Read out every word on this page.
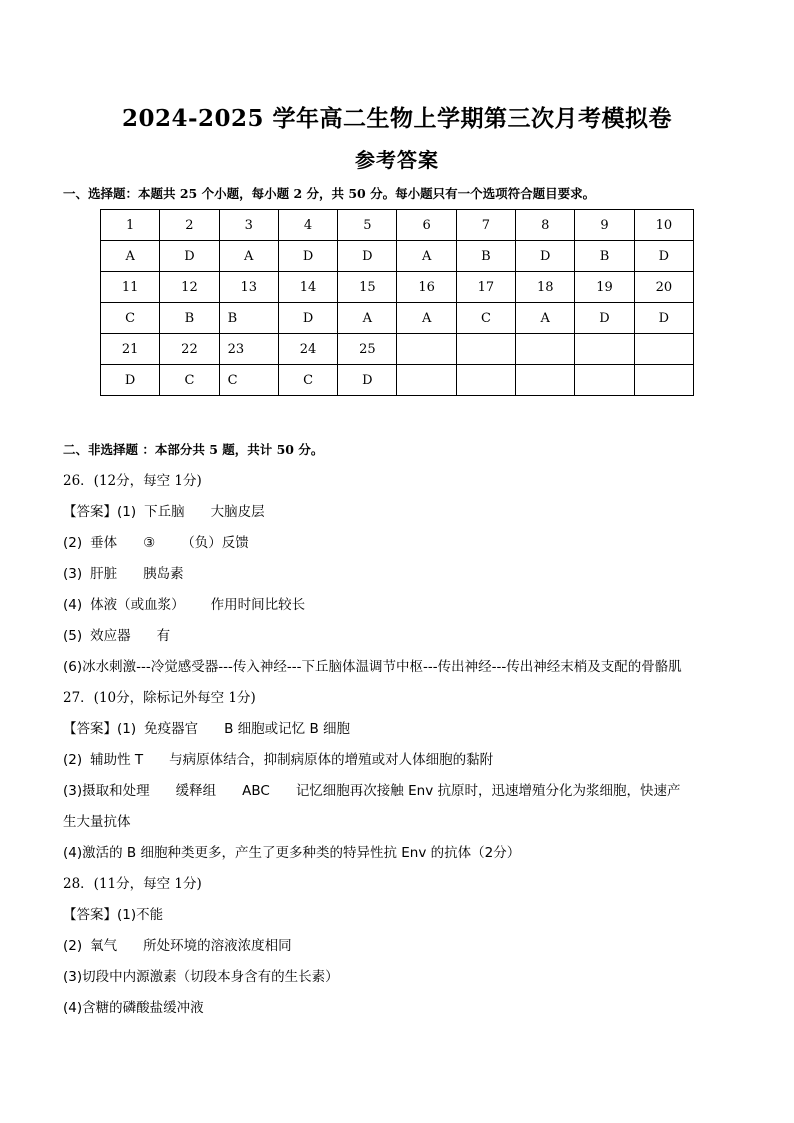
2024-2025 学年高二生物上学期第三次月考模拟卷
参考答案
一、选择题：本题共 25 个小题，每小题 2 分，共 50 分。每小题只有一个选项符合题目要求。
1	2	3	4	5	6	7	8	9	10
A	D	A	D	D	A	B	D	B	D
11	12	13	14	15	16	17	18	19	20
C	B	B	D	A	A	C	A	D	D
21	22	23	24	25					
D	C	C	C	D					
二、非选择题 ：本部分共 5 题，共计 50 分。
26．(12分，每空 1分)
【答案】(1) 下丘脑 大脑皮层
(2) 垂体 ③ （负）反馈
(3) 肝脏 胰岛素
(4) 体液（或血浆） 作用时间比较长
(5) 效应器 有
(6)冰水刺激---冷觉感受器---传入神经---下丘脑体温调节中枢---传出神经---传出神经末梢及支配的骨骼肌
27．(10分，除标记外每空 1分)
【答案】(1) 免疫器官 B 细胞或记忆 B 细胞
(2) 辅助性 T 与病原体结合，抑制病原体的增殖或对人体细胞的黏附
(3)摄取和处理 缓释组 ABC 记忆细胞再次接触 Env 抗原时，迅速增殖分化为浆细胞，快速产
生大量抗体
(4)激活的 B 细胞种类更多，产生了更多种类的特异性抗 Env 的抗体（2分）
28．(11分，每空 1分)
【答案】(1)不能
(2) 氧气 所处环境的溶液浓度相同
(3)切段中内源激素（切段本身含有的生长素）
(4)含糖的磷酸盐缓冲液
